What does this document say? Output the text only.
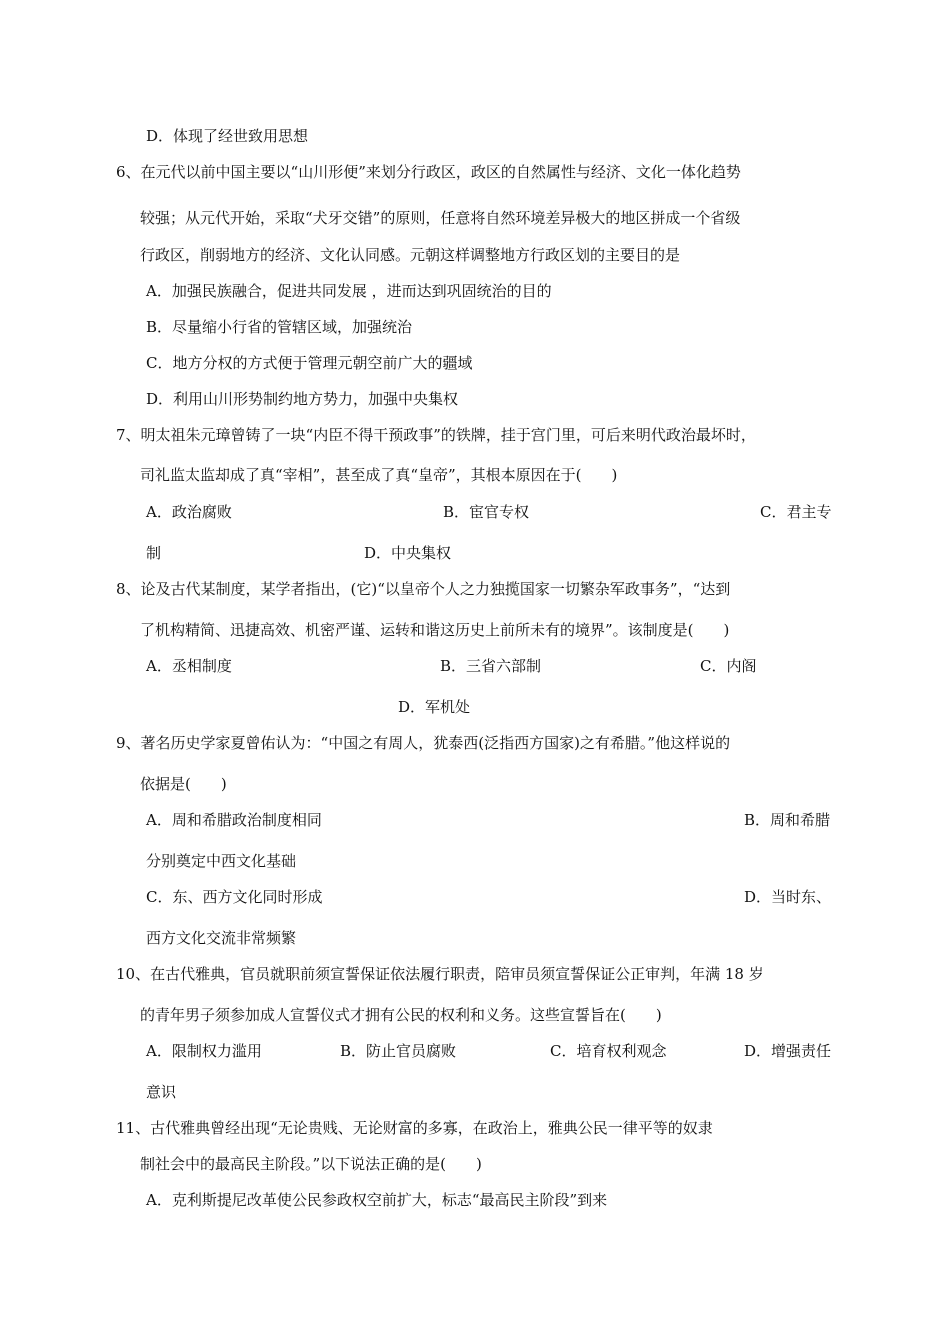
D．体现了经世致用思想
6、在元代以前中国主要以“山川形便”来划分行政区，政区的自然属性与经济、文化一体化趋势
较强；从元代开始，采取“犬牙交错”的原则，任意将自然环境差异极大的地区拼成一个省级
行政区，削弱地方的经济、文化认同感。元朝这样调整地方行政区划的主要目的是
A．加强民族融合，促进共同发展 ，进而达到巩固统治的目的
B．尽量缩小行省的管辖区域，加强统治
C．地方分权的方式便于管理元朝空前广大的疆域
D．利用山川形势制约地方势力，加强中央集权
7、明太祖朱元璋曾铸了一块“内臣不得干预政事”的铁牌，挂于宫门里，可后来明代政治最坏时，
司礼监太监却成了真“宰相”，甚至成了真“皇帝”，其根本原因在于(　　)
A．政治腐败	B．宦官专权	C．君主专
制	D．中央集权
8、论及古代某制度，某学者指出，(它)“以皇帝个人之力独揽国家一切繁杂军政事务”，“达到
了机构精简、迅捷高效、机密严谨、运转和谐这历史上前所未有的境界”。该制度是(　　)
A．丞相制度	B．三省六部制	C．内阁
D．军机处
9、著名历史学家夏曾佑认为：“中国之有周人，犹泰西(泛指西方国家)之有希腊。”他这样说的
依据是(　　)
A．周和希腊政治制度相同	B．周和希腊
分别奠定中西文化基础
C．东、西方文化同时形成	D．当时东、
西方文化交流非常频繁
10、在古代雅典，官员就职前须宣誓保证依法履行职责，陪审员须宣誓保证公正审判，年满 18 岁
的青年男子须参加成人宣誓仪式才拥有公民的权利和义务。这些宣誓旨在(　　)
A．限制权力滥用	B．防止官员腐败	C．培育权利观念	D．增强责任
意识
11、古代雅典曾经出现“无论贵贱、无论财富的多寡，在政治上，雅典公民一律平等的奴隶
制社会中的最高民主阶段。”以下说法正确的是(　　)
A．克利斯提尼改革使公民参政权空前扩大，标志“最高民主阶段”到来
